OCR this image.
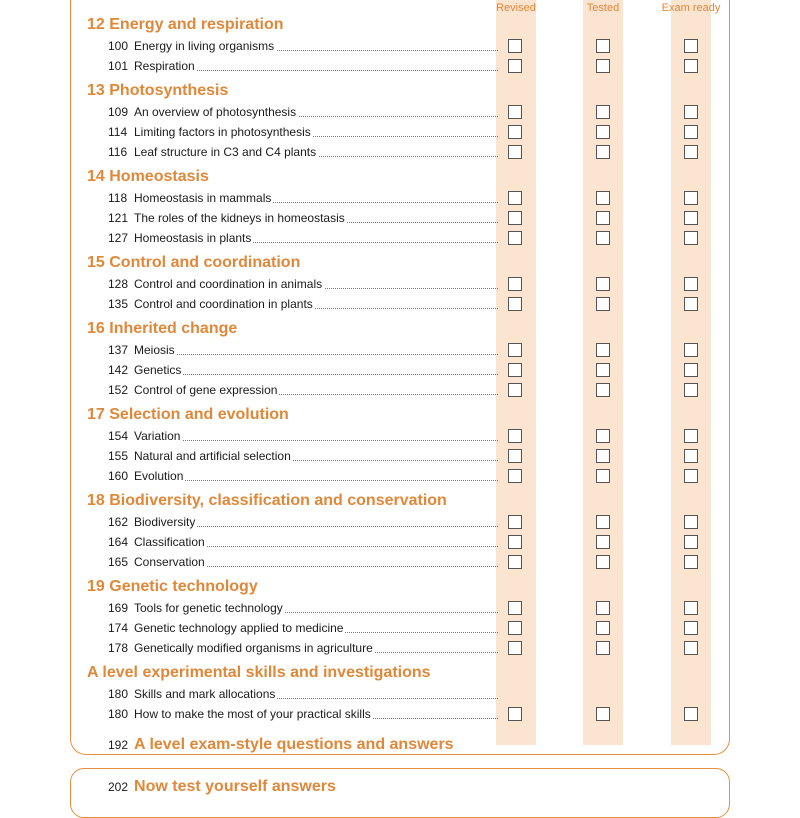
Revised	Tested	Exam ready
12 Energy and respiration
100 Energy in living organisms
101 Respiration
13 Photosynthesis
109 An overview of photosynthesis
114 Limiting factors in photosynthesis
116 Leaf structure in C3 and C4 plants
14 Homeostasis
118 Homeostasis in mammals
121 The roles of the kidneys in homeostasis
127 Homeostasis in plants
15 Control and coordination
128 Control and coordination in animals
135 Control and coordination in plants
16 Inherited change
137 Meiosis
142 Genetics
152 Control of gene expression
17 Selection and evolution
154 Variation
155 Natural and artificial selection
160 Evolution
18 Biodiversity, classification and conservation
162 Biodiversity
164 Classification
165 Conservation
19 Genetic technology
169 Tools for genetic technology
174 Genetic technology applied to medicine
178 Genetically modified organisms in agriculture
A level experimental skills and investigations
180 Skills and mark allocations
180 How to make the most of your practical skills
192 A level exam-style questions and answers
202 Now test yourself answers
